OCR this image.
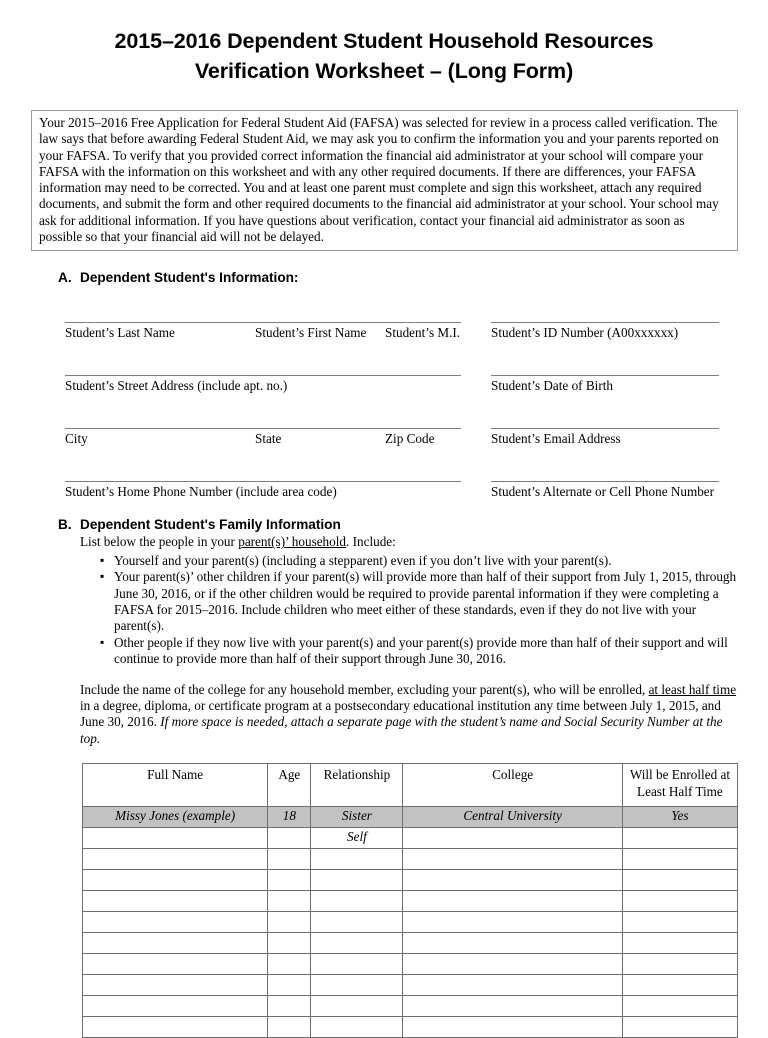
2015–2016 Dependent Student Household Resources
Verification Worksheet – (Long Form)
Your 2015–2016 Free Application for Federal Student Aid (FAFSA) was selected for review in a process called verification. The law says that before awarding Federal Student Aid, we may ask you to confirm the information you and your parents reported on your FAFSA. To verify that you provided correct information the financial aid administrator at your school will compare your FAFSA with the information on this worksheet and with any other required documents. If there are differences, your FAFSA information may need to be corrected. You and at least one parent must complete and sign this worksheet, attach any required documents, and submit the form and other required documents to the financial aid administrator at your school. Your school may ask for additional information. If you have questions about verification, contact your financial aid administrator as soon as possible so that your financial aid will not be delayed.
A. Dependent Student's Information:
Student’s Last Name	Student’s First Name	Student’s M.I. Student’s ID Number (A00xxxxxx)
Student’s Street Address (include apt. no.)	Student’s Date of Birth
City	State	Zip Code	Student’s Email Address
Student’s Home Phone Number (include area code)	Student’s Alternate or Cell Phone Number
B. Dependent Student's Family Information
List below the people in your parent(s)’ household. Include:
▪ Yourself and your parent(s) (including a stepparent) even if you don’t live with your parent(s).
▪ Your parent(s)’ other children if your parent(s) will provide more than half of their support from July 1, 2015, through June 30, 2016, or if the other children would be required to provide parental information if they were completing a FAFSA for 2015–2016. Include children who meet either of these standards, even if they do not live with your parent(s).
▪ Other people if they now live with your parent(s) and your parent(s) provide more than half of their support and will continue to provide more than half of their support through June 30, 2016.
Include the name of the college for any household member, excluding your parent(s), who will be enrolled, at least half time in a degree, diploma, or certificate program at a postsecondary educational institution any time between July 1, 2015, and June 30, 2016. If more space is needed, attach a separate page with the student’s name and Social Security Number at the top.
Full Name	Age	Relationship	College	Will be Enrolled at
Least Half Time

Missy Jones (example)	18	Sister	Central University	Yes
		Self		
